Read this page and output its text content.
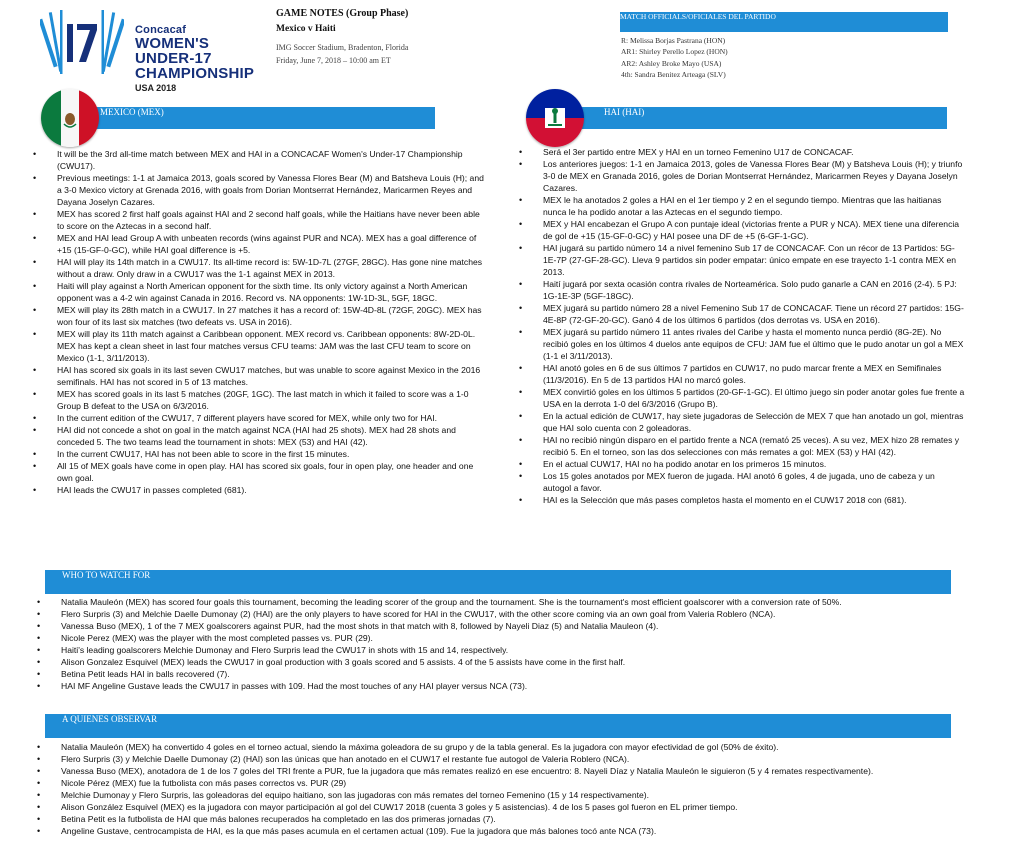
Concacaf
WOMEN'S UNDER-17
CHAMPIONSHIP
USA 2018
GAME NOTES (Group Phase)
Mexico v Haiti
IMG Soccer Stadium, Bradenton, Florida
Friday, June 7, 2018 – 10:00 am ET
MATCH OFFICIALS/OFICIALES DEL PARTIDO
R: Melissa Borjas Pastrana (HON)
AR1: Shirley Perello Lopez (HON)
AR2: Ashley Broke Mayo (USA)
4th: Sandra Benitez Arteaga (SLV)
MEXICO (MEX)
• It will be the 3rd all-time match between MEX and HAI in a CONCACAF Women's Under-17 Championship (CWU17).
• Previous meetings: 1-1 at Jamaica 2013, goals scored by Vanessa Flores Bear (M) and Batsheva Louis (H); and a 3-0 Mexico victory at Grenada 2016, with goals from Dorian Montserrat Hernández, Maricarmen Reyes and Dayana Joselyn Cazares.
• MEX has scored 2 first half goals against HAI and 2 second half goals, while the Haitians have never been able to score on the Aztecas in a second half.
• MEX and HAI lead Group A with unbeaten records (wins against PUR and NCA). MEX has a goal difference of +15 (15-GF-0-GC), while HAI goal difference is +5.
• HAI will play its 14th match in a CWU17. Its all-time record is: 5W-1D-7L (27GF, 28GC). Has gone nine matches without a draw. Only draw in a CWU17 was the 1-1 against MEX in 2013.
• Haiti will play against a North American opponent for the sixth time. Its only victory against a North American opponent was a 4-2 win against Canada in 2016. Record vs. NA opponents: 1W-1D-3L, 5GF, 18GC.
• MEX will play its 28th match in a CWU17. In 27 matches it has a record of: 15W-4D-8L (72GF, 20GC). MEX has won four of its last six matches (two defeats vs. USA in 2016).
• MEX will play its 11th match against a Caribbean opponent. MEX record vs. Caribbean opponents: 8W-2D-0L. MEX has kept a clean sheet in last four matches versus CFU teams: JAM was the last CFU team to score on Mexico (1-1, 3/11/2013).
• HAI has scored six goals in its last seven CWU17 matches, but was unable to score against Mexico in the 2016 semifinals. HAI has not scored in 5 of 13 matches.
• MEX has scored goals in its last 5 matches (20GF, 1GC). The last match in which it failed to score was a 1-0 Group B defeat to the USA on 6/3/2016.
• In the current edition of the CWU17, 7 different players have scored for MEX, while only two for HAI.
• HAI did not concede a shot on goal in the match against NCA (HAI had 25 shots). MEX had 28 shots and conceded 5. The two teams lead the tournament in shots: MEX (53) and HAI (42).
• In the current CWU17, HAI has not been able to score in the first 15 minutes.
• All 15 of MEX goals have come in open play. HAI has scored six goals, four in open play, one header and one own goal.
• HAI leads the CWU17 in passes completed (681).
HAI (HAI)
• Será el 3er partido entre MEX y HAI en un torneo Femenino U17 de CONCACAF.
• Los anteriores juegos: 1-1 en Jamaica 2013, goles de Vanessa Flores Bear (M) y Batsheva Louis (H); y triunfo 3-0 de MEX en Granada 2016, goles de Dorian Montserrat Hernández, Maricarmen Reyes y Dayana Joselyn Cazares.
• MEX le ha anotados 2 goles a HAI en el 1er tiempo y 2 en el segundo tiempo. Mientras que las haitianas nunca le ha podido anotar a las Aztecas en el segundo tiempo.
• MEX y HAI encabezan el Grupo A con puntaje ideal (victorias frente a PUR y NCA). MEX tiene una diferencia de gol de +15 (15-GF-0-GC) y HAI posee una DF de +5 (6-GF-1-GC).
• HAI jugará su partido número 14 a nivel femenino Sub 17 de CONCACAF. Con un récor de 13 Partidos: 5G-1E-7P (27-GF-28-GC). Lleva 9 partidos sin poder empatar: único empate en ese trayecto 1-1 contra MEX en 2013.
• Haití jugará por sexta ocasión contra rivales de Norteamérica. Solo pudo ganarle a CAN en 2016 (2-4). 5 PJ: 1G-1E-3P (5GF-18GC).
• MEX jugará su partido número 28 a nivel Femenino Sub 17 de CONCACAF. Tiene un récord 27 partidos: 15G-4E-8P (72-GF-20-GC). Ganó 4 de los últimos 6 partidos (dos derrotas vs. USA en 2016).
• MEX jugará su partido número 11 antes rivales del Caribe y hasta el momento nunca perdió (8G-2E). No recibió goles en los últimos 4 duelos ante equipos de CFU: JAM fue el último que le pudo anotar un gol a MEX (1-1 el 3/11/2013).
• HAI anotó goles en 6 de sus últimos 7 partidos en CUW17, no pudo marcar frente a MEX en Semifinales (11/3/2016). En 5 de 13 partidos HAI no marcó goles.
• MEX convirtió goles en los últimos 5 partidos (20-GF-1-GC). El último juego sin poder anotar goles fue frente a USA en la derrota 1-0 del 6/3/2016 (Grupo B).
• En la actual edición de CUW17, hay siete jugadoras de Selección de MEX 7 que han anotado un gol, mientras que HAI solo cuenta con 2 goleadoras.
• HAI no recibió ningún disparo en el partido frente a NCA (rematό 25 veces). A su vez, MEX hizo 28 remates y recibió 5. En el torneo, son las dos selecciones con más remates a gol: MEX (53) y HAI (42).
• En el actual CUW17, HAI no ha podido anotar en los primeros 15 minutos.
• Los 15 goles anotados por MEX fueron de jugada. HAI anotó 6 goles, 4 de jugada, uno de cabeza y un autogol a favor.
• HAI es la Selección que más pases completos hasta el momento en el CUW17 2018 con (681).
WHO TO WATCH FOR
• Natalia Mauleón (MEX) has scored four goals this tournament, becoming the leading scorer of the group and the tournament. She is the tournament's most efficient goalscorer with a conversion rate of 50%.
• Flero Surpris (3) and Melchie Daelle Dumonay (2) (HAI) are the only players to have scored for HAI in the CWU17, with the other score coming via an own goal from Valeria Roblero (NCA).
• Vanessa Buso (MEX), 1 of the 7 MEX goalscorers against PUR, had the most shots in that match with 8, followed by Nayeli Diaz (5) and Natalia Mauleon (4).
• Nicole Perez (MEX) was the player with the most completed passes vs. PUR (29).
• Haiti's leading goalscorers Melchie Dumonay and Flero Surpris lead the CWU17 in shots with 15 and 14, respectively.
• Alison Gonzalez Esquivel (MEX) leads the CWU17 in goal production with 3 goals scored and 5 assists. 4 of the 5 assists have come in the first half.
• Betina Petit leads HAI in balls recovered (7).
• HAI MF Angeline Gustave leads the CWU17 in passes with 109. Had the most touches of any HAI player versus NCA (73).
A QUIENES OBSERVAR
• Natalia Mauleón (MEX) ha convertido 4 goles en el torneo actual, siendo la máxima goleadora de su grupo y de la tabla general. Es la jugadora con mayor efectividad de gol (50% de éxito).
• Flero Surpris (3) y Melchie Daelle Dumonay (2) (HAI) son las únicas que han anotado en el CUW17 el restante fue autogol de Valeria Roblero (NCA).
• Vanessa Buso (MEX), anotadora de 1 de los 7 goles del TRI frente a PUR, fue la jugadora que más remates realizó en ese encuentro: 8. Nayeli Díaz y Natalia Mauleón le siguieron (5 y 4 remates respectivamente).
• Nicole Pérez (MEX) fue la futbolista con más pases correctos vs. PUR (29)
• Melchie Dumonay y Flero Surpris, las goleadoras del equipo haitiano, son las jugadoras con más remates del torneo Femenino (15 y 14 respectivamente).
• Alison González Esquivel (MEX) es la jugadora con mayor participación al gol del CUW17 2018 (cuenta 3 goles y 5 asistencias). 4 de los 5 pases gol fueron en EL primer tiempo.
• Betina Petit es la futbolista de HAI que más balones recuperados ha completado en las dos primeras jornadas (7).
• Angeline Gustave, centrocampista de HAI, es la que más pases acumula en el certamen actual (109). Fue la jugadora que más balones tocó ante NCA (73).
